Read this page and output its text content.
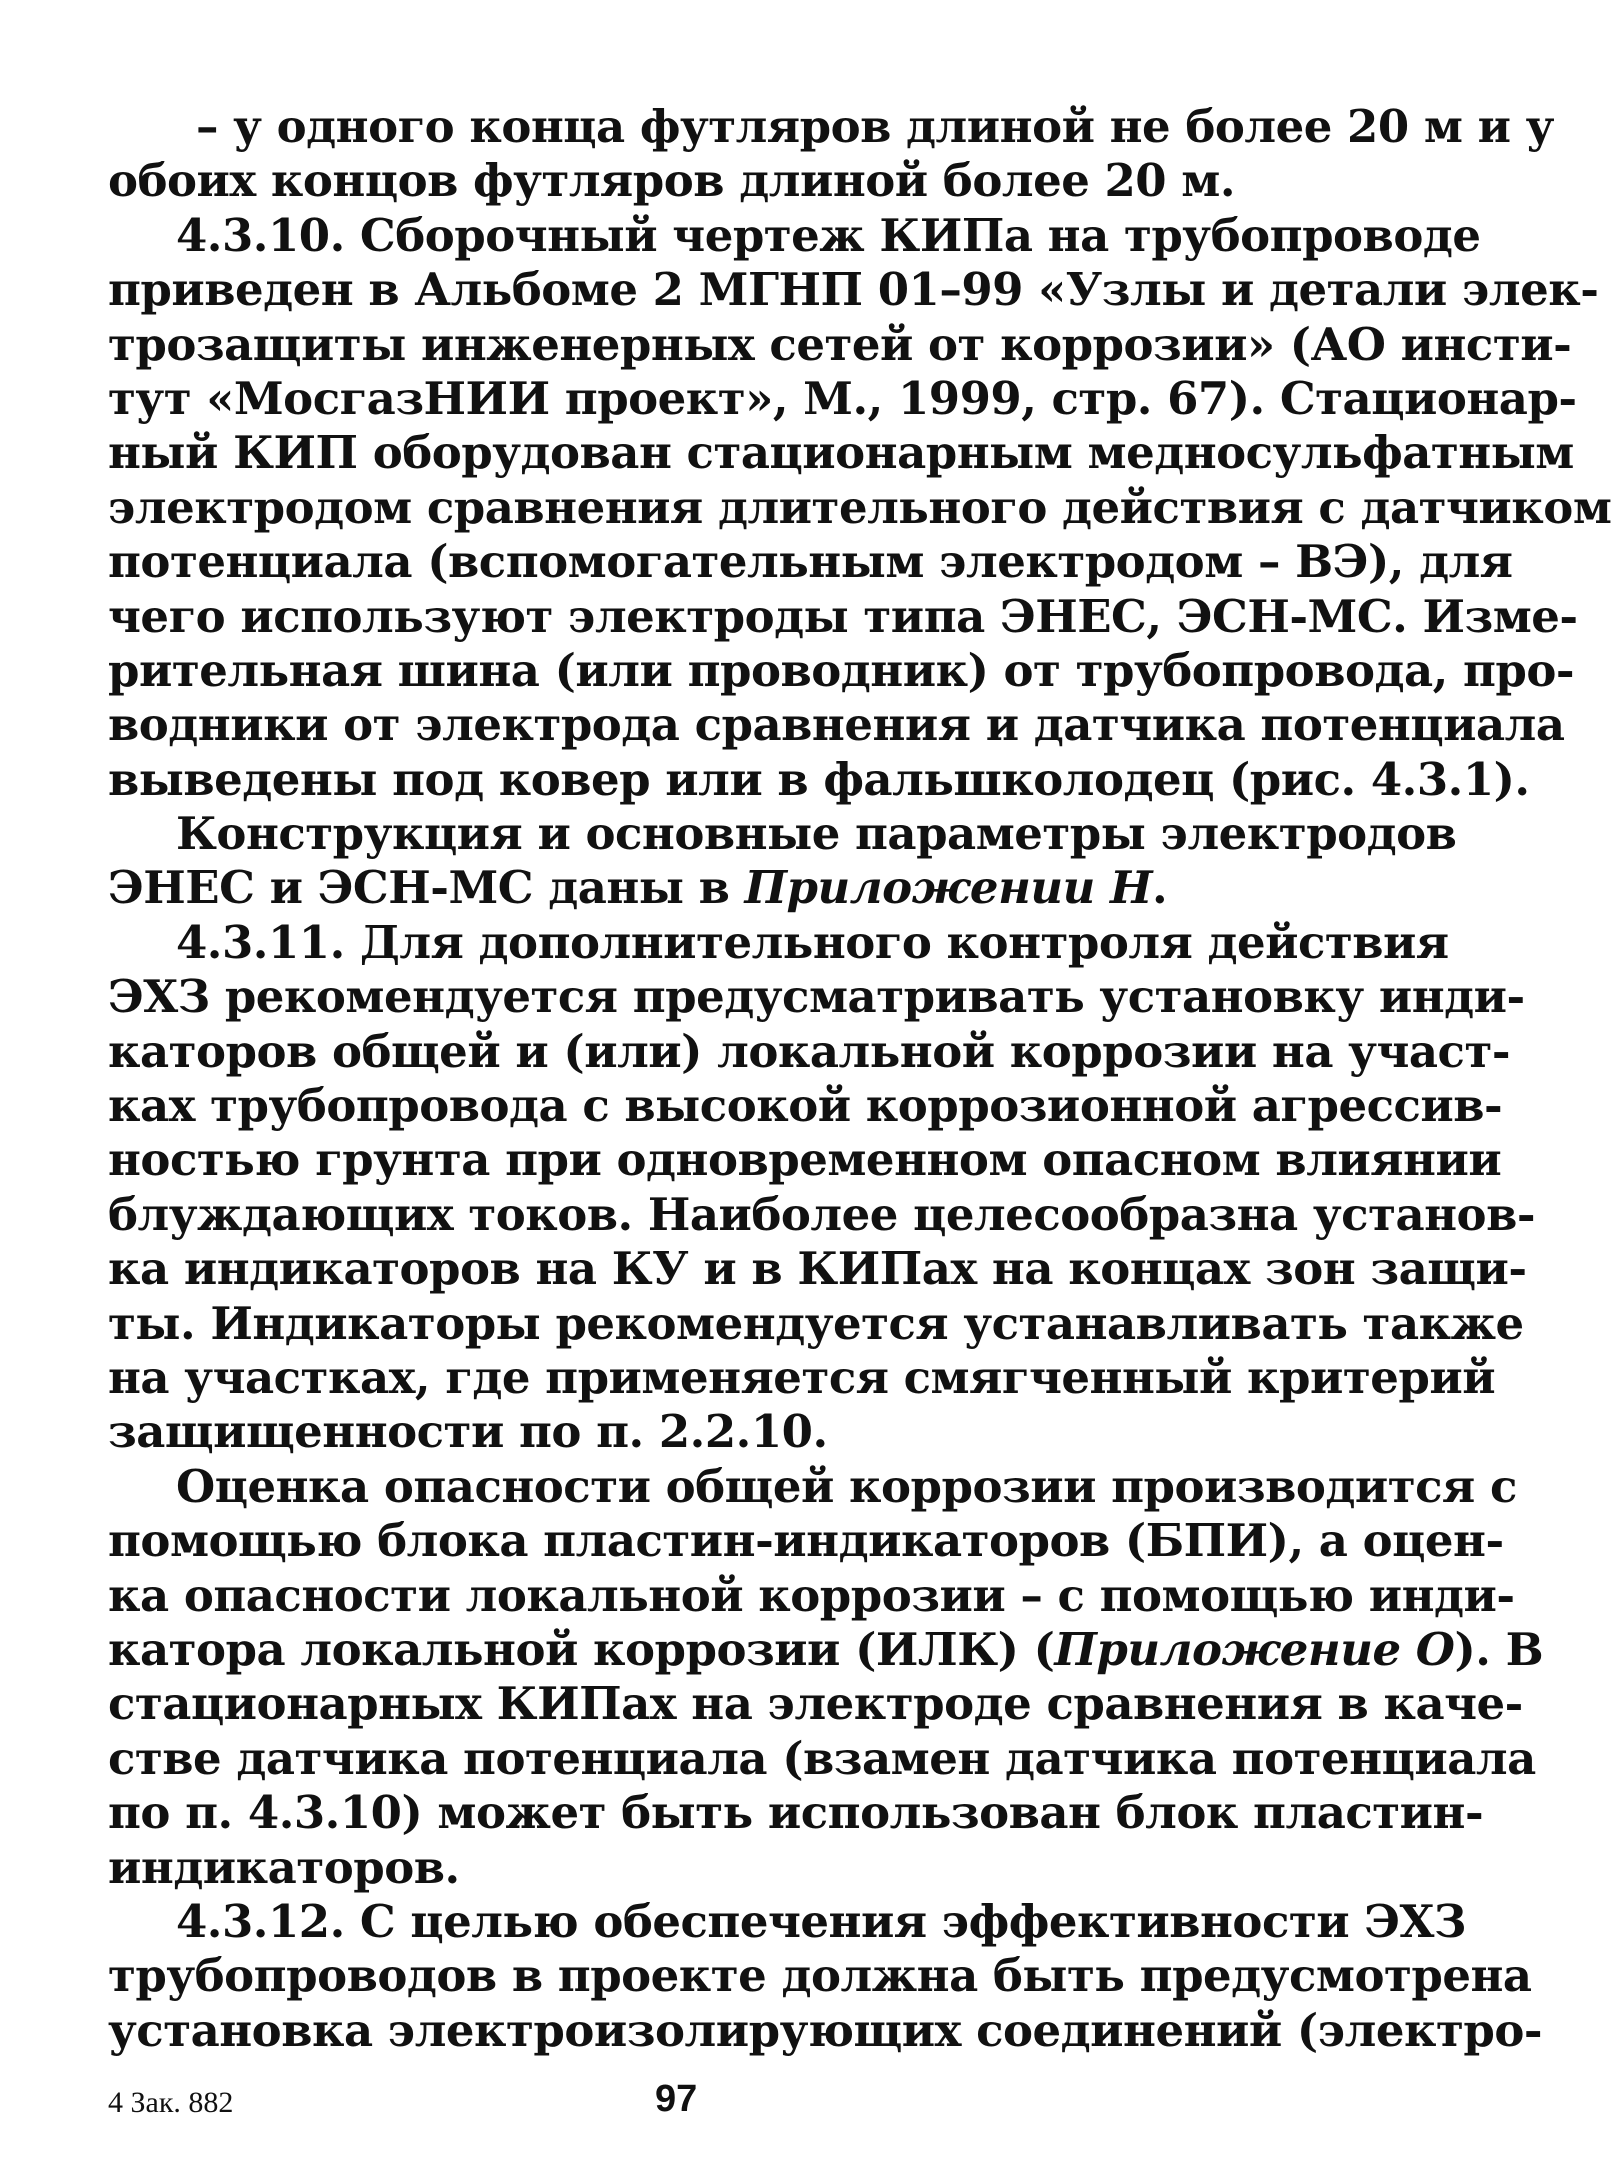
– у одного конца футляров длиной не более 20 м и у
обоих концов футляров длиной более 20 м.
4.3.10. Сборочный чертеж КИПа на трубопроводе
приведен в Альбоме 2 МГНП 01–99 «Узлы и детали элек-
трозащиты инженерных сетей от коррозии» (АО инсти-
тут «МосгазНИИ проект», М., 1999, стр. 67). Стационар-
ный КИП оборудован стационарным медносульфатным
электродом сравнения длительного действия с датчиком
потенциала (вспомогательным электродом – ВЭ), для
чего используют электроды типа ЭНЕС, ЭСН-МС. Изме-
рительная шина (или проводник) от трубопровода, про-
водники от электрода сравнения и датчика потенциала
выведены под ковер или в фальшколодец (рис. 4.3.1).
Конструкция и основные параметры электродов
ЭНЕС и ЭСН-МС даны в Приложении Н.
4.3.11. Для дополнительного контроля действия
ЭХЗ рекомендуется предусматривать установку инди-
каторов общей и (или) локальной коррозии на участ-
ках трубопровода с высокой коррозионной агрессив-
ностью грунта при одновременном опасном влиянии
блуждающих токов. Наиболее целесообразна установ-
ка индикаторов на КУ и в КИПах на концах зон защи-
ты. Индикаторы рекомендуется устанавливать также
на участках, где применяется смягченный критерий
защищенности по п. 2.2.10.
Оценка опасности общей коррозии производится с
помощью блока пластин-индикаторов (БПИ), а оцен-
ка опасности локальной коррозии – с помощью инди-
катора локальной коррозии (ИЛК) (Приложение О). В
стационарных КИПах на электроде сравнения в каче-
стве датчика потенциала (взамен датчика потенциала
по п. 4.3.10) может быть использован блок пластин-
индикаторов.
4.3.12. С целью обеспечения эффективности ЭХЗ
трубопроводов в проекте должна быть предусмотрена
установка электроизолирующих соединений (электро-
4 Зак. 882	97
